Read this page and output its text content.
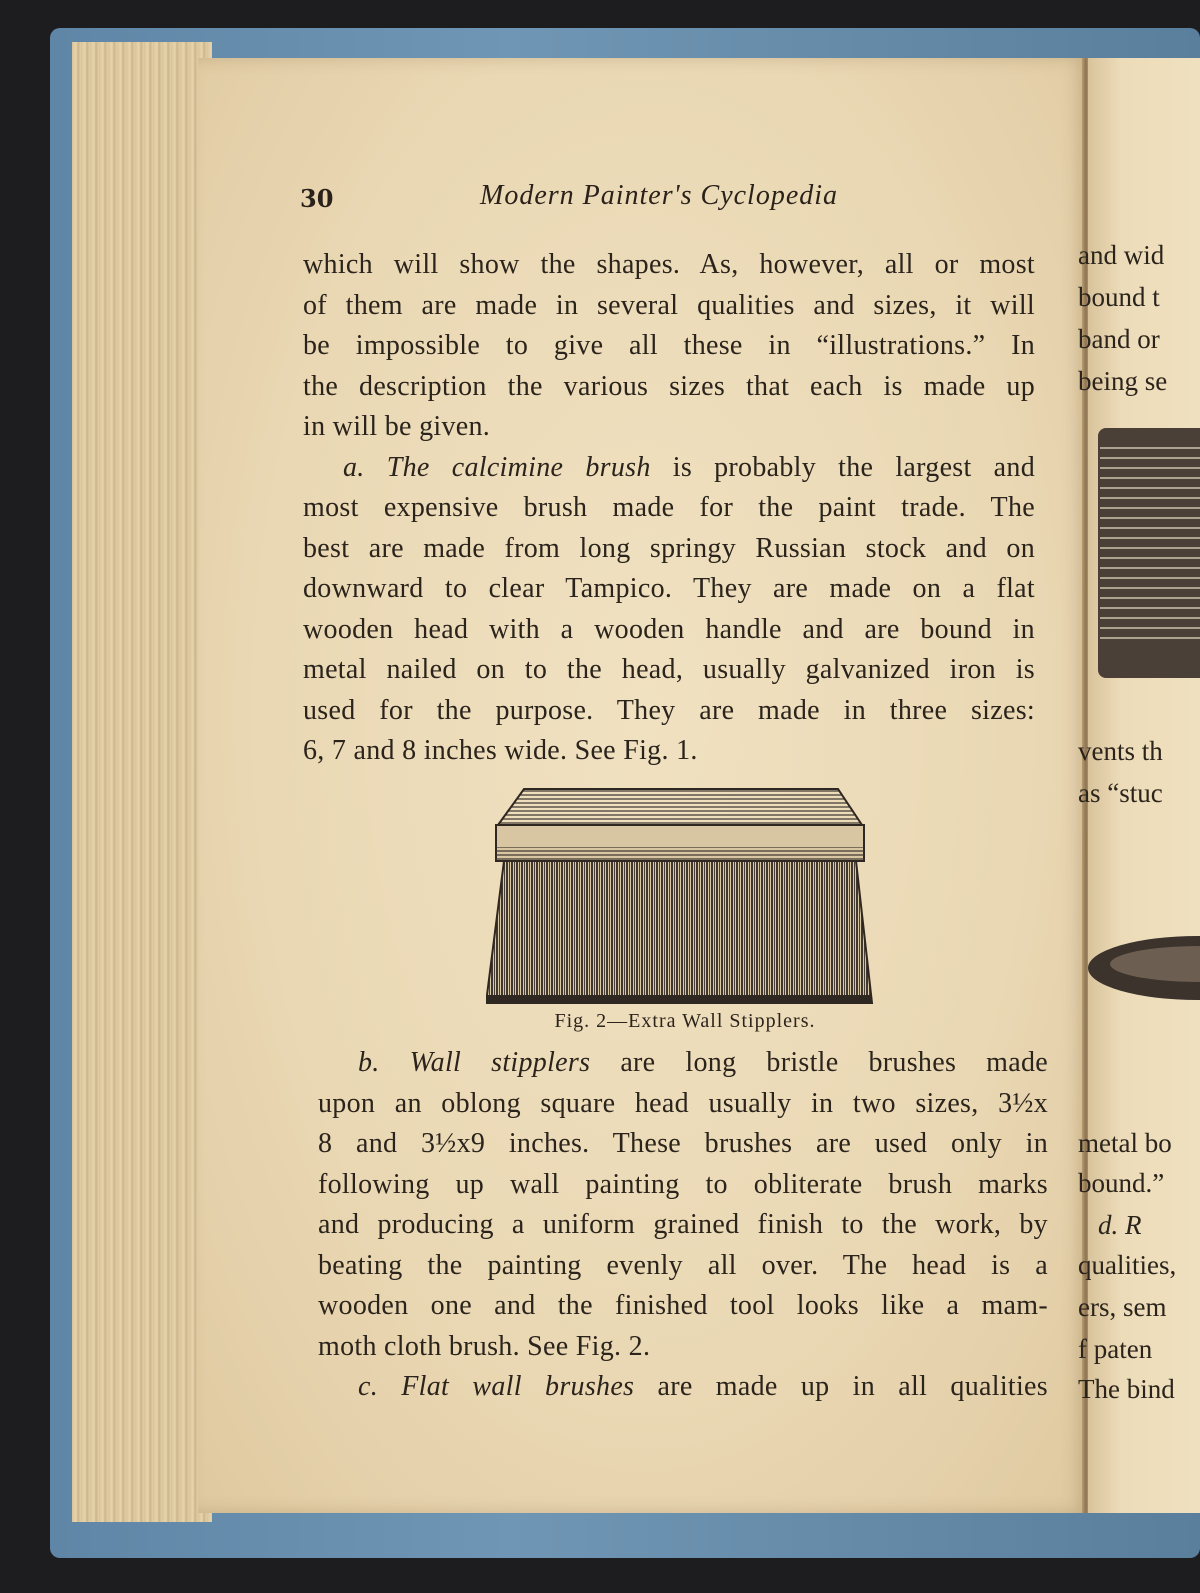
and wid
bound t
band or
being se
vents th
as “stuc
metal bo
bound.”
d. R
qualities,
ers, sem
f paten
The bind
30	Modern Painter's Cyclopedia
which will show the shapes. As, however, all or most
of them are made in several qualities and sizes, it will
be impossible to give all these in “illustrations.” In
the description the various sizes that each is made up
in will be given.
a. The calcimine brush is probably the largest and
most expensive brush made for the paint trade. The
best are made from long springy Russian stock and on
downward to clear Tampico. They are made on a flat
wooden head with a wooden handle and are bound in
metal nailed on to the head, usually galvanized iron is
used for the purpose. They are made in three sizes:
6, 7 and 8 inches wide. See Fig. 1.
Fig. 2—Extra Wall Stipplers.
b. Wall stipplers are long bristle brushes made
upon an oblong square head usually in two sizes, 3½x
8 and 3½x9 inches. These brushes are used only in
following up wall painting to obliterate brush marks
and producing a uniform grained finish to the work, by
beating the painting evenly all over. The head is a
wooden one and the finished tool looks like a mam-
moth cloth brush. See Fig. 2.
c. Flat wall brushes are made up in all qualities
